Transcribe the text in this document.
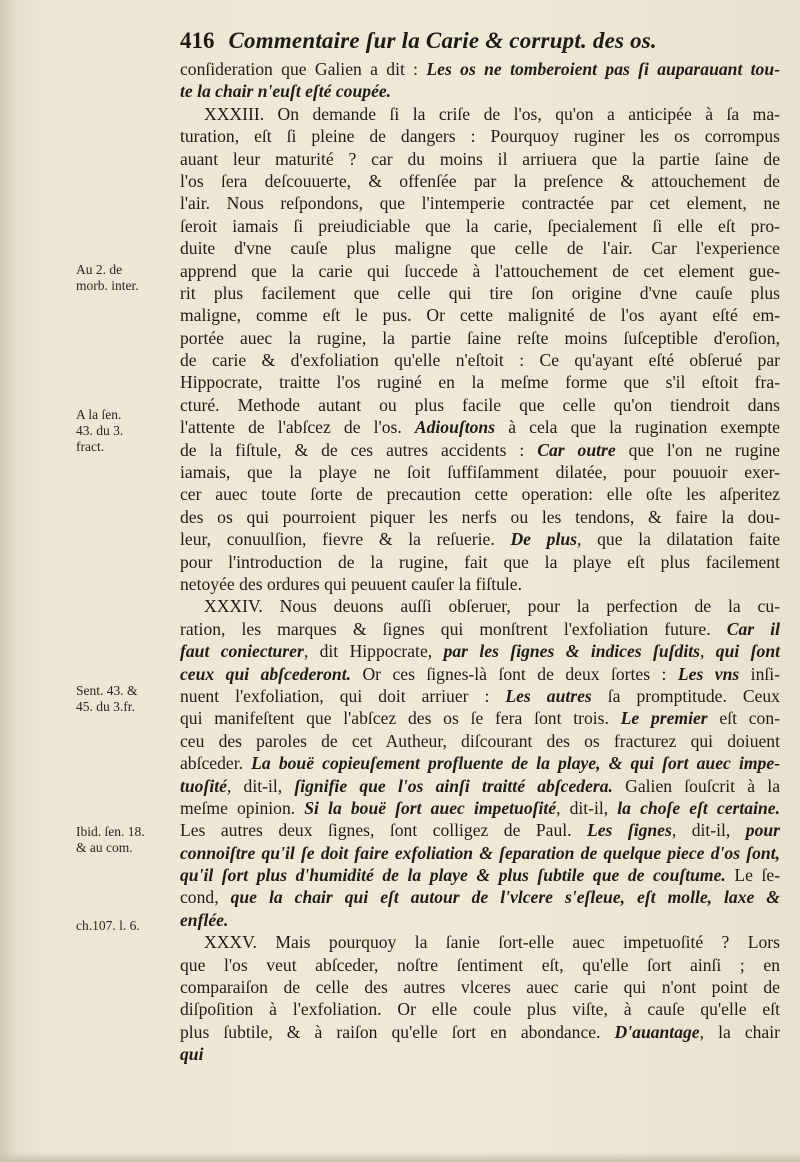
416 Commentaire ſur la Carie & corrupt. des os.
Au 2. de
morb. inter.
A la ſen.
43. du 3.
fract.
Sent. 43. &
45. du 3.fr.
Ibid. ſen. 18.
& au com.
ch.107. l. 6.
conſideration que Galien a dit : Les os ne tomberoient pas ſi auparauant tou-
te la chair n'euſt eſté coupée.
XXXIII. On demande ſi la criſe de l'os, qu'on a anticipée à ſa ma-
turation, eſt ſi pleine de dangers : Pourquoy ruginer les os corrompus
auant leur maturité ? car du moins il arriuera que la partie ſaine de
l'os ſera deſcouuerte, & offenſée par la preſence & attouchement de
l'air. Nous reſpondons, que l'intemperie contractée par cet element, ne
ſeroit iamais ſi preiudiciable que la carie, ſpecialement ſi elle eſt pro-
duite d'vne cauſe plus maligne que celle de l'air. Car l'experience
apprend que la carie qui ſuccede à l'attouchement de cet element gue-
rit plus facilement que celle qui tire ſon origine d'vne cauſe plus
maligne, comme eſt le pus. Or cette malignité de l'os ayant eſté em-
portée auec la rugine, la partie ſaine reſte moins ſuſceptible d'eroſion,
de carie & d'exfoliation qu'elle n'eſtoit : Ce qu'ayant eſté obſerué par
Hippocrate, traitte l'os ruginé en la meſme forme que s'il eſtoit fra-
cturé. Methode autant ou plus facile que celle qu'on tiendroit dans
l'attente de l'abſcez de l'os. Adiouſtons à cela que la rugination exempte
de la fiſtule, & de ces autres accidents : Car outre que l'on ne rugine
iamais, que la playe ne ſoit ſuffiſamment dilatée, pour pouuoir exer-
cer auec toute ſorte de precaution cette operation: elle oſte les aſperitez
des os qui pourroient piquer les nerfs ou les tendons, & faire la dou-
leur, conuulſion, fievre & la reſuerie. De plus, que la dilatation faite
pour l'introduction de la rugine, fait que la playe eſt plus facilement
netoyée des ordures qui peuuent cauſer la fiſtule.
XXXIV. Nous deuons auſſi obſeruer, pour la perfection de la cu-
ration, les marques & ſignes qui monſtrent l'exfoliation future. Car il
faut coniecturer, dit Hippocrate, par les ſignes & indices ſuſdits, qui ſont
ceux qui abſcederont. Or ces ſignes-là ſont de deux ſortes : Les vns inſi-
nuent l'exfoliation, qui doit arriuer : Les autres ſa promptitude. Ceux
qui manifeſtent que l'abſcez des os ſe fera ſont trois. Le premier eſt con-
ceu des paroles de cet Autheur, diſcourant des os fracturez qui doiuent
abſceder. La bouë copieuſement profluente de la playe, & qui ſort auec impe-
tuoſité, dit-il, ſignifie que l'os ainſi traitté abſcedera. Galien ſouſcrit à la
meſme opinion. Si la bouë ſort auec impetuoſité, dit-il, la choſe eſt certaine.
Les autres deux ſignes, ſont colligez de Paul. Les ſignes, dit-il, pour
connoiſtre qu'il ſe doit faire exfoliation & ſeparation de quelque piece d'os ſont,
qu'il ſort plus d'humidité de la playe & plus ſubtile que de couſtume. Le ſe-
cond, que la chair qui eſt autour de l'vlcere s'eſleue, eſt molle, laxe &
enflée.
XXXV. Mais pourquoy la ſanie ſort-elle auec impetuoſité ? Lors
que l'os veut abſceder, noſtre ſentiment eſt, qu'elle ſort ainſi ; en
comparaiſon de celle des autres vlceres auec carie qui n'ont point de
diſpoſition à l'exfoliation. Or elle coule plus viſte, à cauſe qu'elle eſt
plus ſubtile, & à raiſon qu'elle ſort en abondance. D'auantage, la chair
qui
